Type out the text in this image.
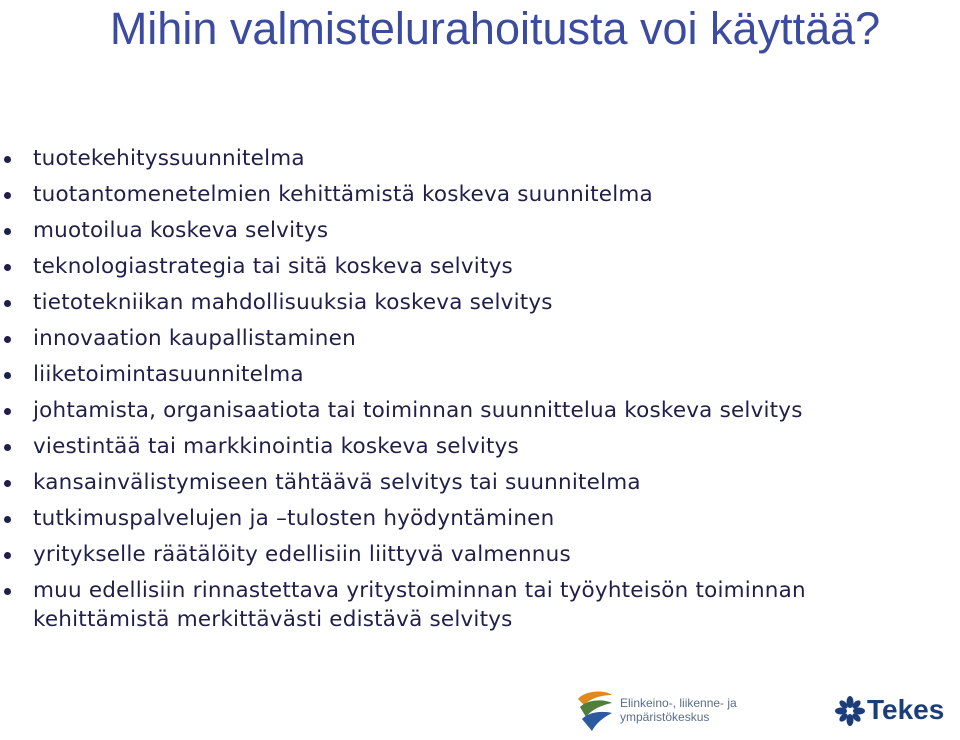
Mihin valmistelurahoitusta voi käyttää?
tuotekehityssuunnitelma
tuotantomenetelmien kehittämistä koskeva suunnitelma
muotoilua koskeva selvitys
teknologiastrategia tai sitä koskeva selvitys
tietotekniikan mahdollisuuksia koskeva selvitys
innovaation kaupallistaminen
liiketoimintasuunnitelma
johtamista, organisaatiota tai toiminnan suunnittelua koskeva selvitys
viestintää tai markkinointia koskeva selvitys
kansainvälistymiseen tähtäävä selvitys tai suunnitelma
tutkimuspalvelujen ja –tulosten hyödyntäminen
yritykselle räätälöity edellisiin liittyvä valmennus
muu edellisiin rinnastettava yritystoiminnan tai työyhteisön toiminnan kehittämistä merkittävästi edistävä selvitys
Elinkeino-, liikenne- ja
ympäristökeskus	Tekes
